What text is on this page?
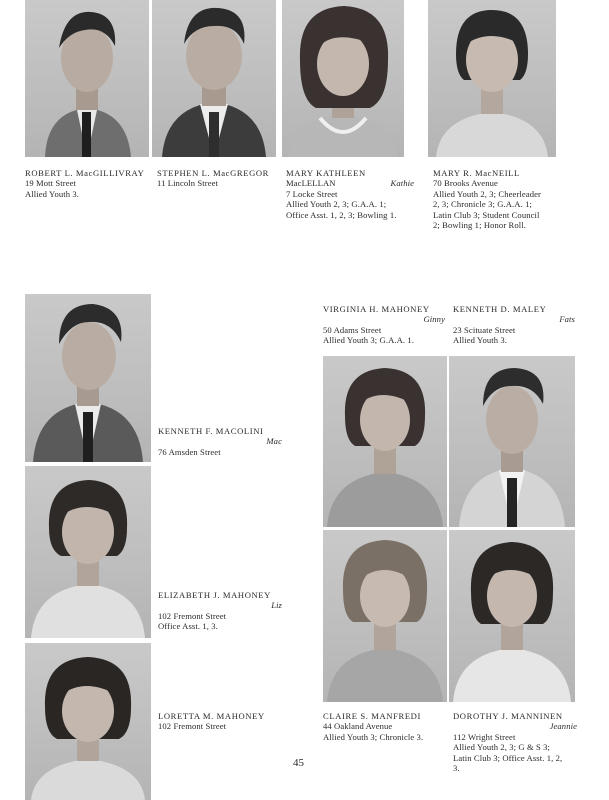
ROBERT L. MacGILLIVRAY
19 Mott Street
Allied Youth 3.
STEPHEN L. MacGREGOR
11 Lincoln Street
MARY KATHLEEN
MacLELLAN	Kathie
7 Locke Street
Allied Youth 2, 3; G.A.A. 1;
Office Asst. 1, 2, 3; Bowling 1.
MARY R. MacNEILL
70 Brooks Avenue
Allied Youth 2, 3; Cheerleader
2, 3; Chronicle 3; G.A.A. 1;
Latin Club 3; Student Council
2; Bowling 1; Honor Roll.
KENNETH F. MACOLINI
Mac
76 Amsden Street
ELIZABETH J. MAHONEY
Liz
102 Fremont Street
Office Asst. 1, 3.
LORETTA M. MAHONEY
102 Fremont Street
VIRGINIA H. MAHONEY
Ginny
50 Adams Street
Allied Youth 3; G.A.A. 1.
KENNETH D. MALEY
Fats
23 Scituate Street
Allied Youth 3.
CLAIRE S. MANFREDI
44 Oakland Avenue
Allied Youth 3; Chronicle 3.
DOROTHY J. MANNINEN
Jeannie
112 Wright Street
Allied Youth 2, 3; G & S 3;
Latin Club 3; Office Asst. 1, 2,
3.
45
